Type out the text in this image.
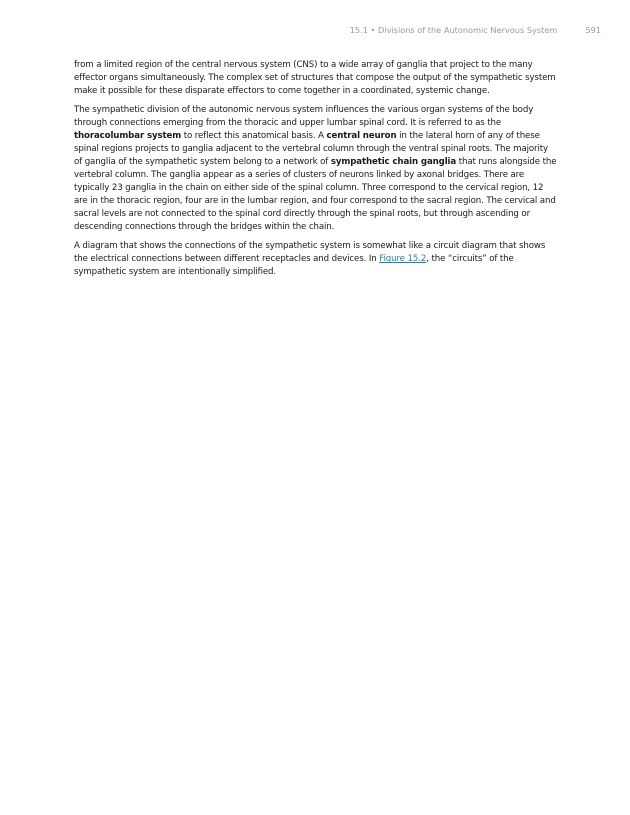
15.1 • Divisions of the Autonomic Nervous System	591

from a limited region of the central nervous system (CNS) to a wide array of ganglia that project to the many effector organs simultaneously. The complex set of structures that compose the output of the sympathetic system make it possible for these disparate effectors to come together in a coordinated, systemic change.

The sympathetic division of the autonomic nervous system influences the various organ systems of the body through connections emerging from the thoracic and upper lumbar spinal cord. It is referred to as the thoracolumbar system to reflect this anatomical basis. A central neuron in the lateral horn of any of these spinal regions projects to ganglia adjacent to the vertebral column through the ventral spinal roots. The majority of ganglia of the sympathetic system belong to a network of sympathetic chain ganglia that runs alongside the vertebral column. The ganglia appear as a series of clusters of neurons linked by axonal bridges. There are typically 23 ganglia in the chain on either side of the spinal column. Three correspond to the cervical region, 12 are in the thoracic region, four are in the lumbar region, and four correspond to the sacral region. The cervical and sacral levels are not connected to the spinal cord directly through the spinal roots, but through ascending or descending connections through the bridges within the chain.

A diagram that shows the connections of the sympathetic system is somewhat like a circuit diagram that shows the electrical connections between different receptacles and devices. In Figure 15.2, the “circuits” of the sympathetic system are intentionally simplified.
